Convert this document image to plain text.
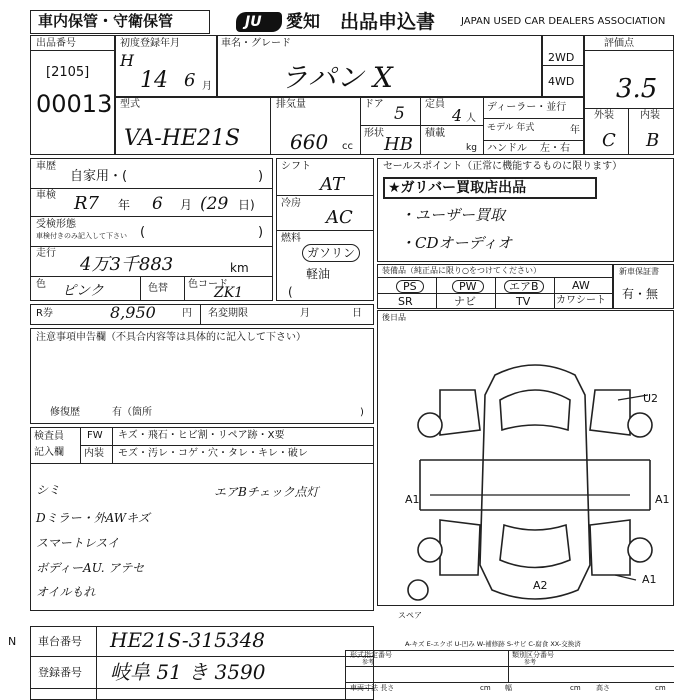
車内保管・守衛保管	JU 愛知 出品申込書	JAPAN USED CAR DEALERS ASSOCIATION
出品番号
[2105]
00013
初度登録年月
H
14 6 月
車名・グレード
ラパン X
2WD
4WD
評価点
3.5
外装	内装
C B
型式
VA-HE21S
排気量
660 cc
ドア 5
形状
HB
定員
4 人
積載
kg
ディーラー・並行
モデル 年式	年
ハンドル 左・右
車歴
自家用・(	)
車検 R7 年 6 月 (29 日)
受検形態
車検付きのみ記入して下さい (	)
走行
4万3千883	km
色 ピンク	色替 色コード
ZK1
シフト
AT
冷房
AC
燃料
ガソリン
軽油
(
セールスポイント（正常に機能するものに限ります）
★ガリバー買取店出品
・ユーザー買取
・CDオーディオ
装備品（純正品に限り○をつけてください）
PS	PW	エアB	AW
SR	ナビ	TV	カワシート
新車保証書
有・無
R券	8,950	円 名変期限	月	日	後日品
注意事項申告欄（不具合内容等は具体的に記入して下さい）
修復歴	有（箇所	)
検査員
記入欄
FW キズ・飛石・ヒビ割・リペア跡・X要
内装 モズ・汚レ・コゲ・穴・タレ・キレ・破レ
シミ
Dミラー・外AWキズ
スマートレスイ
ボディーAU. アテセ
オイルもれ
エアBチェック点灯
U2
A1	A1
A2	A1
スペア
A-キズ E-エクボ U-凹み W-補修跡 S-サビ C-腐食 XX-交換済
N 車台番号 HE21S-315348
登録番号 岐阜 51 き 3590
形式指定番号
参考
類別区分番号
参考
車両寸法 長さ	cm 幅	cm 高さ	cm
